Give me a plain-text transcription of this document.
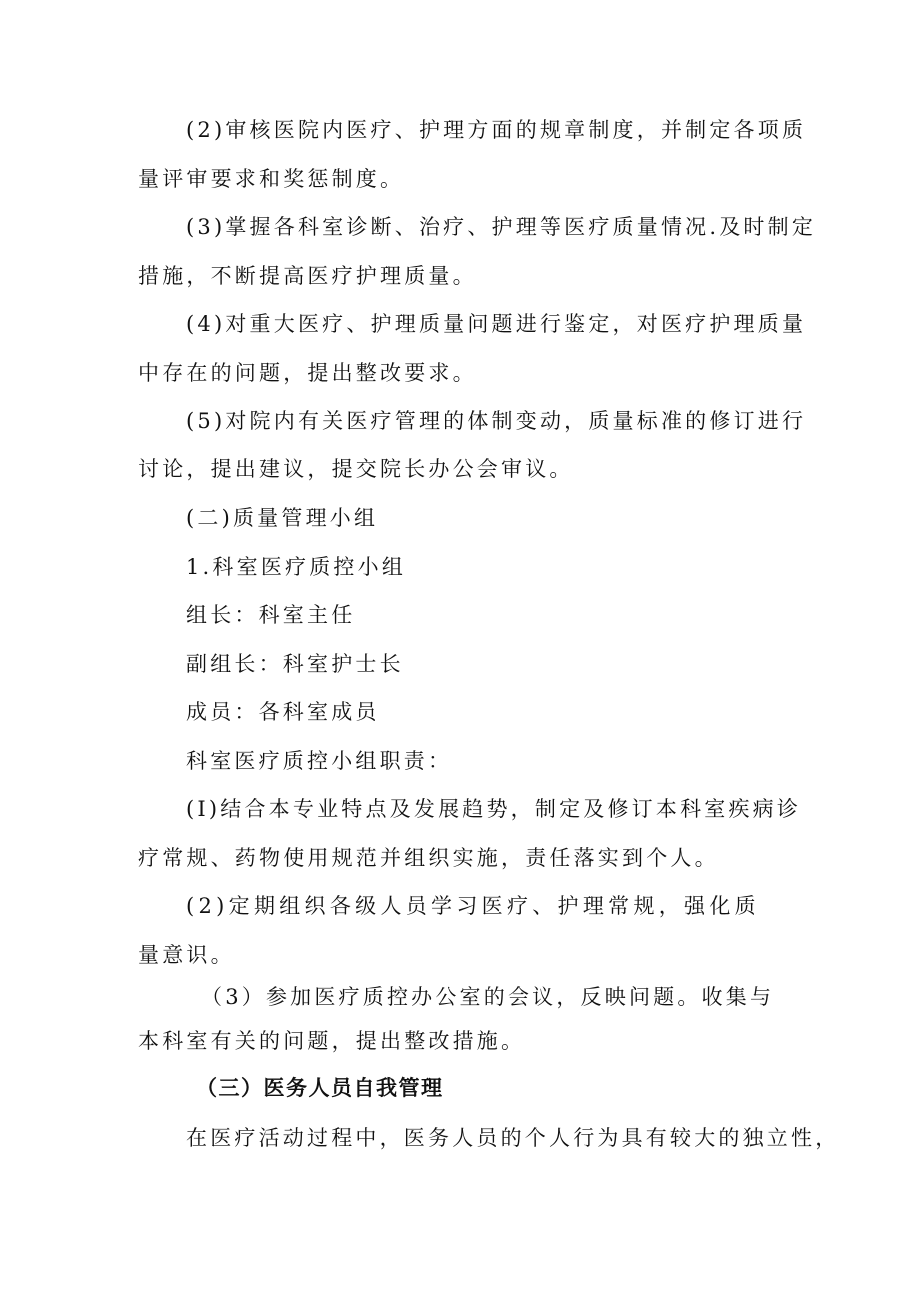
(2)审核医院内医疗、护理方面的规章制度，并制定各项质
量评审要求和奖惩制度。
(3)掌握各科室诊断、治疗、护理等医疗质量情况.及时制定
措施，不断提高医疗护理质量。
(4)对重大医疗、护理质量问题进行鉴定，对医疗护理质量
中存在的问题，提出整改要求。
(5)对院内有关医疗管理的体制变动，质量标准的修订进行
讨论，提出建议，提交院长办公会审议。
(二)质量管理小组
1.科室医疗质控小组
组长：科室主任
副组长：科室护士长
成员：各科室成员
科室医疗质控小组职责：
(I)结合本专业特点及发展趋势，制定及修订本科室疾病诊
疗常规、药物使用规范并组织实施，责任落实到个人。
(2)定期组织各级人员学习医疗、护理常规，强化质
量意识。
（3）参加医疗质控办公室的会议，反映问题。收集与
本科室有关的问题，提出整改措施。
（三）医务人员自我管理
在医疗活动过程中，医务人员的个人行为具有较大的独立性，
